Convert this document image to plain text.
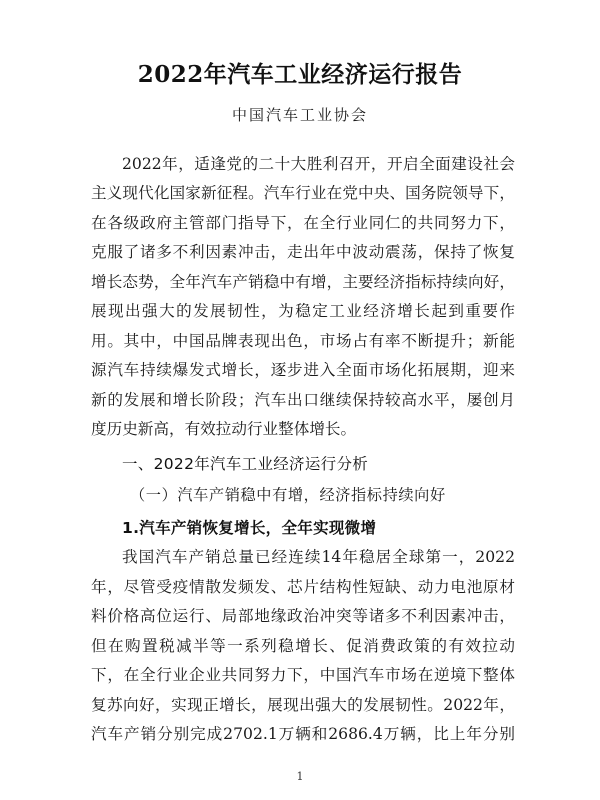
2022年汽车工业经济运行报告
中国汽车工业协会
2022年，适逢党的二十大胜利召开，开启全面建设社会
主义现代化国家新征程。汽车行业在党中央、国务院领导下，
在各级政府主管部门指导下，在全行业同仁的共同努力下，
克服了诸多不利因素冲击，走出年中波动震荡，保持了恢复
增长态势，全年汽车产销稳中有增，主要经济指标持续向好，
展现出强大的发展韧性，为稳定工业经济增长起到重要作
用。其中，中国品牌表现出色，市场占有率不断提升；新能
源汽车持续爆发式增长，逐步进入全面市场化拓展期，迎来
新的发展和增长阶段；汽车出口继续保持较高水平，屡创月
度历史新高，有效拉动行业整体增长。
一、2022年汽车工业经济运行分析
（一）汽车产销稳中有增，经济指标持续向好
1.汽车产销恢复增长，全年实现微增
我国汽车产销总量已经连续14年稳居全球第一，2022
年，尽管受疫情散发频发、芯片结构性短缺、动力电池原材
料价格高位运行、局部地缘政治冲突等诸多不利因素冲击，
但在购置税减半等一系列稳增长、促消费政策的有效拉动
下，在全行业企业共同努力下，中国汽车市场在逆境下整体
复苏向好，实现正增长，展现出强大的发展韧性。2022年，
汽车产销分别完成2702.1万辆和2686.4万辆，比上年分别
1
